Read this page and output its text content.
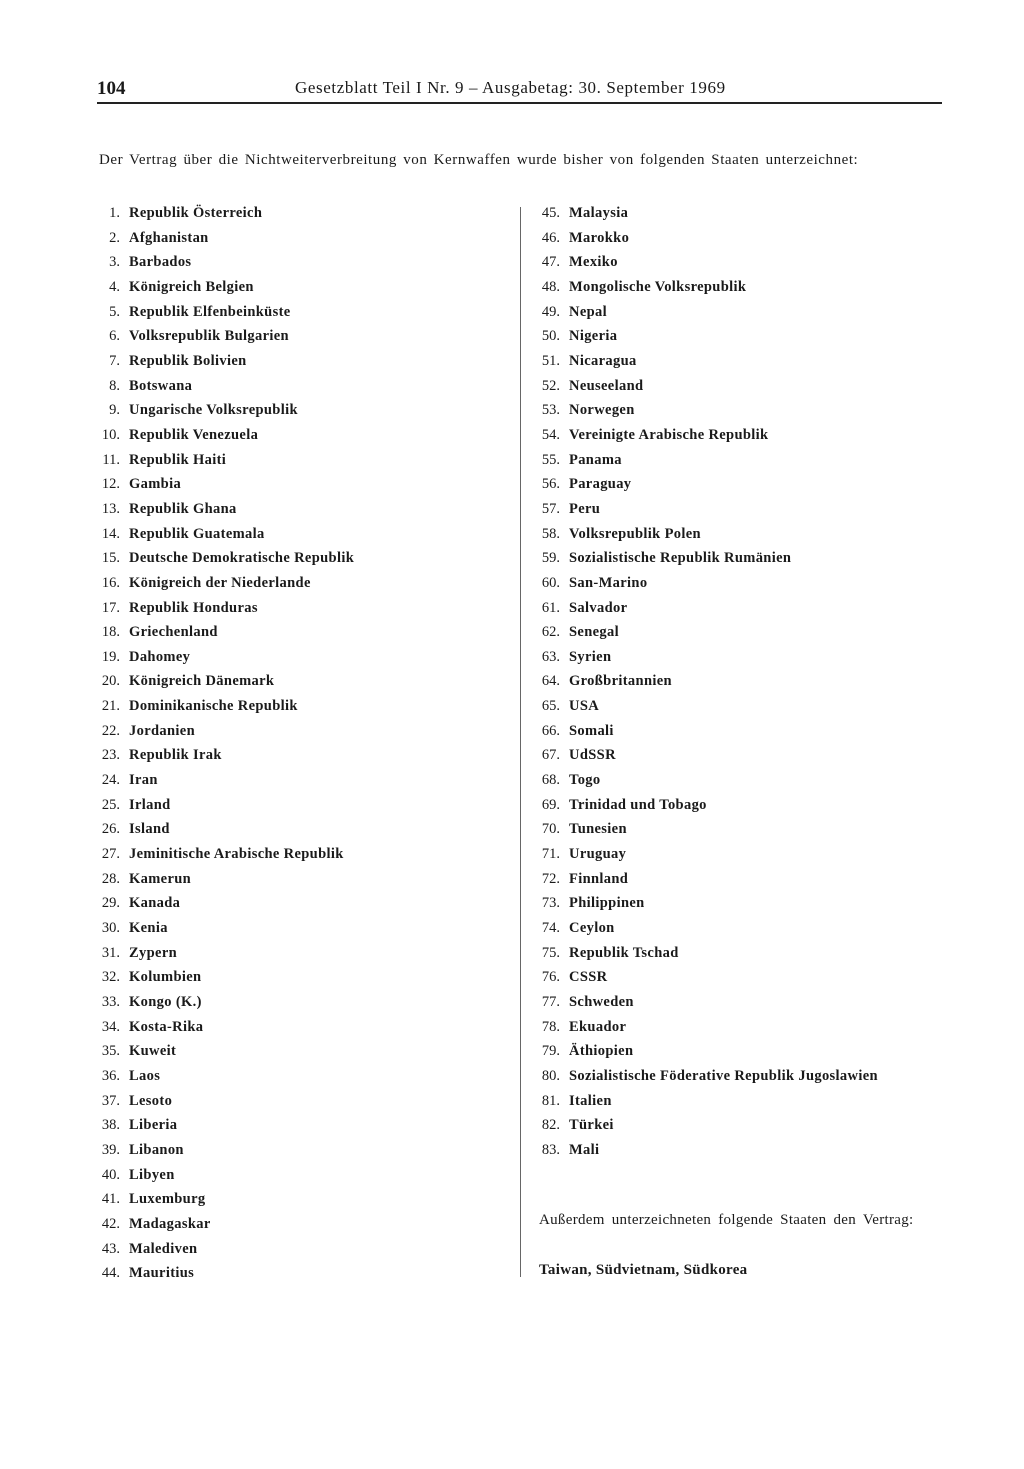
104	Gesetzblatt Teil I Nr. 9 – Ausgabetag: 30. September 1969
Der Vertrag über die Nichtweiterverbreitung von Kernwaffen wurde bisher von folgenden Staaten unterzeichnet:
1. Republik Österreich
2. Afghanistan
3. Barbados
4. Königreich Belgien
5. Republik Elfenbeinküste
6. Volksrepublik Bulgarien
7. Republik Bolivien
8. Botswana
9. Ungarische Volksrepublik
10. Republik Venezuela
11. Republik Haiti
12. Gambia
13. Republik Ghana
14. Republik Guatemala
15. Deutsche Demokratische Republik
16. Königreich der Niederlande
17. Republik Honduras
18. Griechenland
19. Dahomey
20. Königreich Dänemark
21. Dominikanische Republik
22. Jordanien
23. Republik Irak
24. Iran
25. Irland
26. Island
27. Jeminitische Arabische Republik
28. Kamerun
29. Kanada
30. Kenia
31. Zypern
32. Kolumbien
33. Kongo (K.)
34. Kosta-Rika
35. Kuweit
36. Laos
37. Lesoto
38. Liberia
39. Libanon
40. Libyen
41. Luxemburg
42. Madagaskar
43. Malediven
44. Mauritius
45. Malaysia
46. Marokko
47. Mexiko
48. Mongolische Volksrepublik
49. Nepal
50. Nigeria
51. Nicaragua
52. Neuseeland
53. Norwegen
54. Vereinigte Arabische Republik
55. Panama
56. Paraguay
57. Peru
58. Volksrepublik Polen
59. Sozialistische Republik Rumänien
60. San-Marino
61. Salvador
62. Senegal
63. Syrien
64. Großbritannien
65. USA
66. Somali
67. UdSSR
68. Togo
69. Trinidad und Tobago
70. Tunesien
71. Uruguay
72. Finnland
73. Philippinen
74. Ceylon
75. Republik Tschad
76. CSSR
77. Schweden
78. Ekuador
79. Äthiopien
80. Sozialistische Föderative Republik Jugoslawien
81. Italien
82. Türkei
83. Mali
Außerdem unterzeichneten folgende Staaten den Vertrag:
Taiwan, Südvietnam, Südkorea
